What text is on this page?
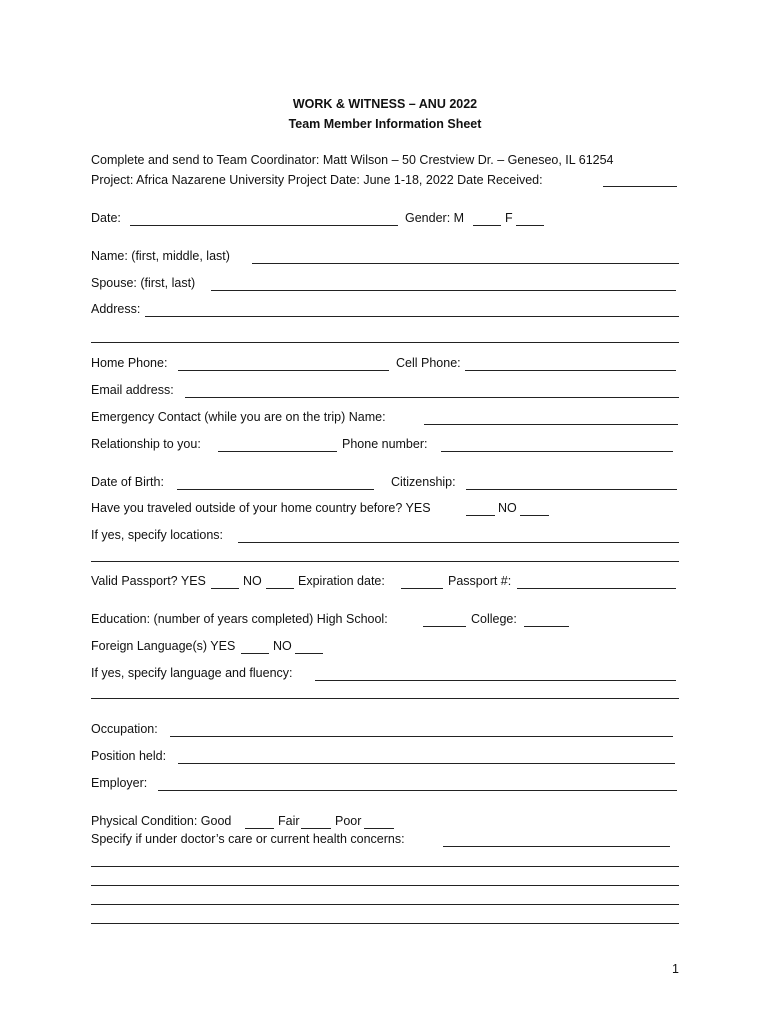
WORK & WITNESS – ANU 2022
Team Member Information Sheet
Complete and send to Team Coordinator: Matt Wilson – 50 Crestview Dr. – Geneseo, IL 61254
Project: Africa Nazarene University Project Date: June 1-18, 2022 Date Received:
Date:	Gender: M	F
Name: (first, middle, last)
Spouse: (first, last)
Address:
Home Phone:	Cell Phone:
Email address:
Emergency Contact (while you are on the trip) Name:
Relationship to you:	Phone number:
Date of Birth:	Citizenship:
Have you traveled outside of your home country before? YES	NO
If yes, specify locations:
Valid Passport? YES	NO	Expiration date:	Passport #:
Education: (number of years completed) High School:	College:
Foreign Language(s) YES	NO
If yes, specify language and fluency:
Occupation:
Position held:
Employer:
Physical Condition: Good	Fair	Poor
Specify if under doctor’s care or current health concerns:
1
